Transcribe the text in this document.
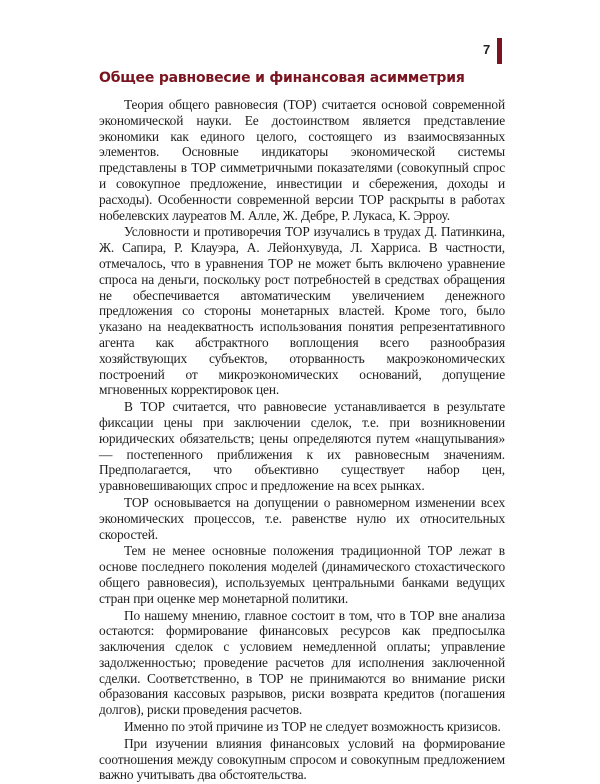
7
Общее равновесие и финансовая асимметрия

Теория общего равновесия (ТОР) считается основой современной экономической науки. Ее достоинством является представление экономики как единого целого, состоящего из взаимосвязанных элементов. Основные индикаторы экономической системы представлены в ТОР симметричными показателями (совокупный спрос и совокупное предложение, инвестиции и сбережения, доходы и расходы). Особенности современной версии ТОР раскрыты в работах нобелевских лауреатов М. Алле, Ж. Дебре, Р. Лукаса, К. Эрроу.

Условности и противоречия ТОР изучались в трудах Д. Патинкина, Ж. Сапира, Р. Клауэра, А. Лейонхувуда, Л. Харриса. В частности, отмечалось, что в уравнения ТОР не может быть включено уравнение спроса на деньги, поскольку рост потребностей в средствах обращения не обеспечивается автоматическим увеличением денежного предложения со стороны монетарных властей. Кроме того, было указано на неадекватность использования понятия репрезентативного агента как абстрактного воплощения всего разнообразия хозяйствующих субъектов, оторванность макроэкономических построений от микроэкономических оснований, допущение мгновенных корректировок цен.

В ТОР считается, что равновесие устанавливается в результате фиксации цены при заключении сделок, т.е. при возникновении юридических обязательств; цены определяются путем «нащупывания» — постепенного приближения к их равновесным значениям. Предполагается, что объективно существует набор цен, уравновешивающих спрос и предложение на всех рынках.

ТОР основывается на допущении о равномерном изменении всех экономических процессов, т.е. равенстве нулю их относительных скоростей.

Тем не менее основные положения традиционной ТОР лежат в основе последнего поколения моделей (динамического стохастического общего равновесия), используемых центральными банками ведущих стран при оценке мер монетарной политики.

По нашему мнению, главное состоит в том, что в ТОР вне анализа остаются: формирование финансовых ресурсов как предпосылка заключения сделок с условием немедленной оплаты; управление задолженностью; проведение расчетов для исполнения заключенной сделки. Соответственно, в ТОР не принимаются во внимание риски образования кассовых разрывов, риски возврата кредитов (погашения долгов), риски проведения расчетов.

Именно по этой причине из ТОР не следует возможность кризисов.

При изучении влияния финансовых условий на формирование соотношения между совокупным спросом и совокупным предложением важно учитывать два обстоятельства.
